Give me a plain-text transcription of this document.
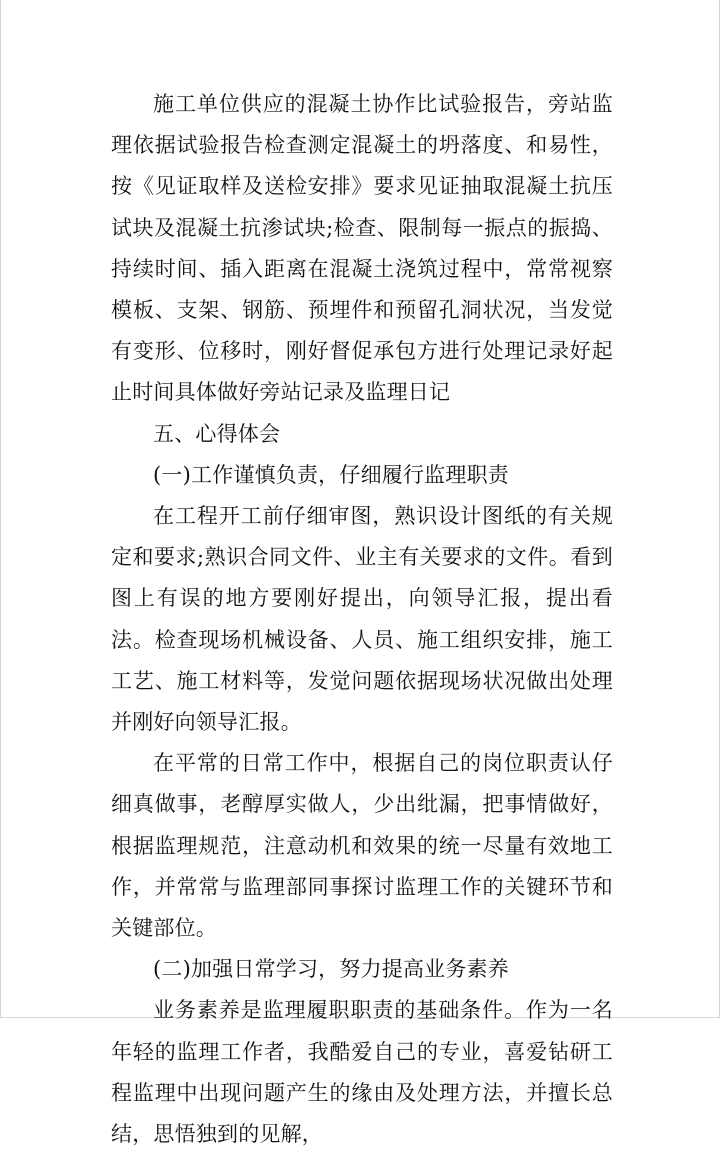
施工单位供应的混凝土协作比试验报告，旁站监理依据试验报告检查测定混凝土的坍落度、和易性，按《见证取样及送检安排》要求见证抽取混凝土抗压试块及混凝土抗渗试块;检查、限制每一振点的振捣、持续时间、插入距离在混凝土浇筑过程中，常常视察模板、支架、钢筋、预埋件和预留孔洞状况，当发觉有变形、位移时，刚好督促承包方进行处理记录好起止时间具体做好旁站记录及监理日记

五、心得体会

(一)工作谨慎负责，仔细履行监理职责

在工程开工前仔细审图，熟识设计图纸的有关规定和要求;熟识合同文件、业主有关要求的文件。看到图上有误的地方要刚好提出，向领导汇报，提出看法。检查现场机械设备、人员、施工组织安排，施工工艺、施工材料等，发觉问题依据现场状况做出处理并刚好向领导汇报。

在平常的日常工作中，根据自己的岗位职责认仔细真做事，老醇厚实做人，少出纰漏，把事情做好，根据监理规范，注意动机和效果的统一尽量有效地工作，并常常与监理部同事探讨监理工作的关键环节和关键部位。

(二)加强日常学习，努力提高业务素养

业务素养是监理履职职责的基础条件。作为一名年轻的监理工作者，我酷爱自己的专业，喜爱钻研工程监理中出现问题产生的缘由及处理方法，并擅长总结，思悟独到的见解，
